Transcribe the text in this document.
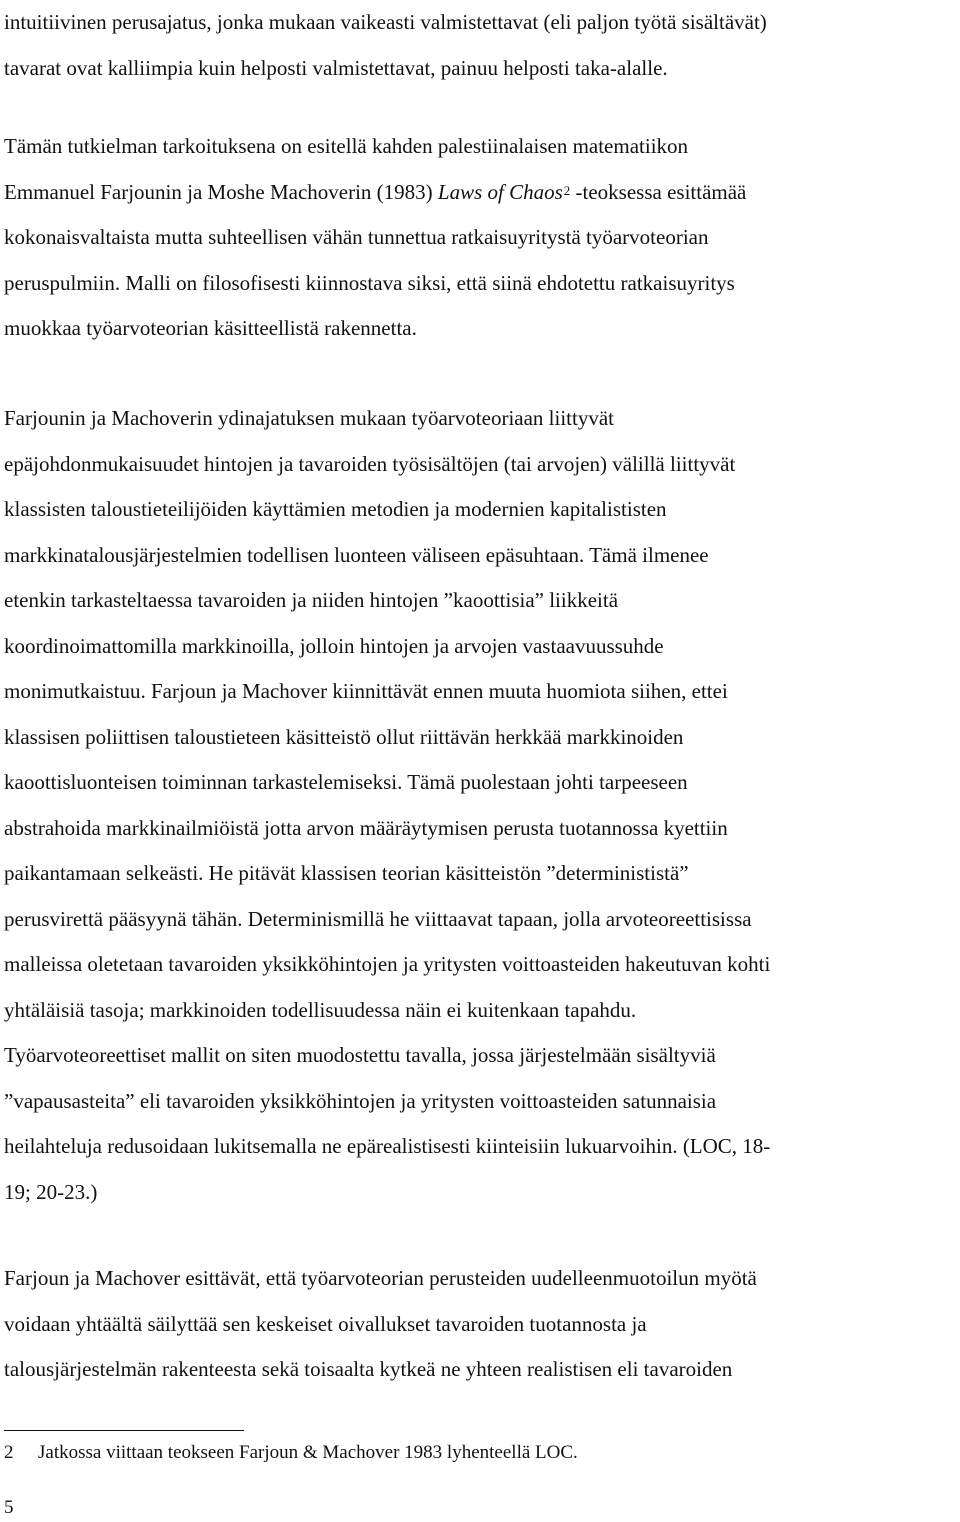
intuitiivinen perusajatus, jonka mukaan vaikeasti valmistettavat (eli paljon työtä sisältävät)
tavarat ovat kalliimpia kuin helposti valmistettavat, painuu helposti taka-alalle.
Tämän tutkielman tarkoituksena on esitellä kahden palestiinalaisen matematiikon
Emmanuel Farjounin ja Moshe Machoverin (1983) Laws of Chaos$^2$ -teoksessa esittämää
kokonaisvaltaista mutta suhteellisen vähän tunnettua ratkaisuyritystä työarvoteorian
peruspulmiin. Malli on filosofisesti kiinnostava siksi, että siinä ehdotettu ratkaisuyritys
muokkaa työarvoteorian käsitteellistä rakennetta.
Farjounin ja Machoverin ydinajatuksen mukaan työarvoteoriaan liittyvät
epäjohdonmukaisuudet hintojen ja tavaroiden työsisältöjen (tai arvojen) välillä liittyvät
klassisten taloustieteilijöiden käyttämien metodien ja modernien kapitalististen
markkinatalousjärjestelmien todellisen luonteen väliseen epäsuhtaan. Tämä ilmenee
etenkin tarkasteltaessa tavaroiden ja niiden hintojen ”kaoottisia” liikkeitä
koordinoimattomilla markkinoilla, jolloin hintojen ja arvojen vastaavuussuhde
monimutkaistuu. Farjoun ja Machover kiinnittävät ennen muuta huomiota siihen, ettei
klassisen poliittisen taloustieteen käsitteistö ollut riittävän herkkää markkinoiden
kaoottisluonteisen toiminnan tarkastelemiseksi. Tämä puolestaan johti tarpeeseen
abstrahoida markkinailmiöistä jotta arvon määräytymisen perusta tuotannossa kyettiin
paikantamaan selkeästi. He pitävät klassisen teorian käsitteistön ”determinististä”
perusvirettä pääsyynä tähän. Determinismillä he viittaavat tapaan, jolla arvoteoreettisissa
malleissa oletetaan tavaroiden yksikköhintojen ja yritysten voittoasteiden hakeutuvan kohti
yhtäläisiä tasoja; markkinoiden todellisuudessa näin ei kuitenkaan tapahdu.
Työarvoteoreettiset mallit on siten muodostettu tavalla, jossa järjestelmään sisältyviä
”vapausasteita” eli tavaroiden yksikköhintojen ja yritysten voittoasteiden satunnaisia
heilahteluja redusoidaan lukitsemalla ne epärealistisesti kiinteisiin lukuarvoihin. (LOC, 18-
19; 20-23.)
Farjoun ja Machover esittävät, että työarvoteorian perusteiden uudelleenmuotoilun myötä
voidaan yhtäältä säilyttää sen keskeiset oivallukset tavaroiden tuotannosta ja
talousjärjestelmän rakenteesta sekä toisaalta kytkeä ne yhteen realistisen eli tavaroiden
2 Jatkossa viittaan teokseen Farjoun & Machover 1983 lyhenteellä LOC.
5
